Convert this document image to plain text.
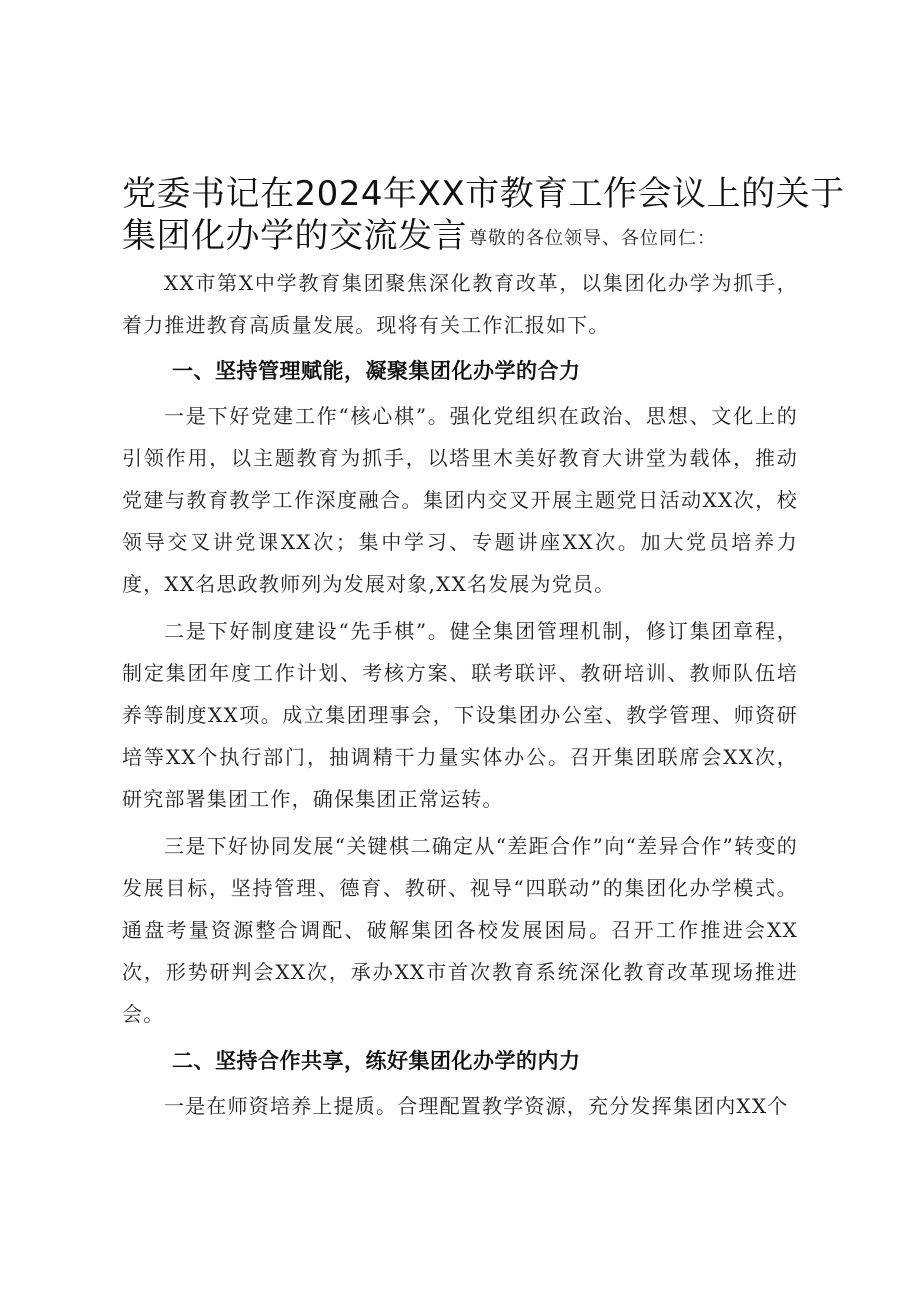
党委书记在2024年XX市教育工作会议上的关于
集团化办学的交流发言 尊敬的各位领导、各位同仁：

XX市第X中学教育集团聚焦深化教育改革，以集团化办学为抓手，着力推进教育高质量发展。现将有关工作汇报如下。

一、坚持管理赋能，凝聚集团化办学的合力

一是下好党建工作“核心棋”。强化党组织在政治、思想、文化上的引领作用，以主题教育为抓手，以塔里木美好教育大讲堂为载体，推动党建与教育教学工作深度融合。集团内交叉开展主题党日活动XX次，校领导交叉讲党课XX次；集中学习、专题讲座XX次。加大党员培养力度，XX名思政教师列为发展对象,XX名发展为党员。

二是下好制度建设“先手棋”。健全集团管理机制，修订集团章程，制定集团年度工作计划、考核方案、联考联评、教研培训、教师队伍培养等制度XX项。成立集团理事会，下设集团办公室、教学管理、师资研培等XX个执行部门，抽调精干力量实体办公。召开集团联席会XX次，研究部署集团工作，确保集团正常运转。

三是下好协同发展“关键棋二确定从“差距合作”向“差异合作”转变的发展目标，坚持管理、德育、教研、视导“四联动”的集团化办学模式。通盘考量资源整合调配、破解集团各校发展困局。召开工作推进会XX次，形势研判会XX次，承办XX市首次教育系统深化教育改革现场推进会。

二、坚持合作共享，练好集团化办学的内力

一是在师资培养上提质。合理配置教学资源，充分发挥集团内XX个
